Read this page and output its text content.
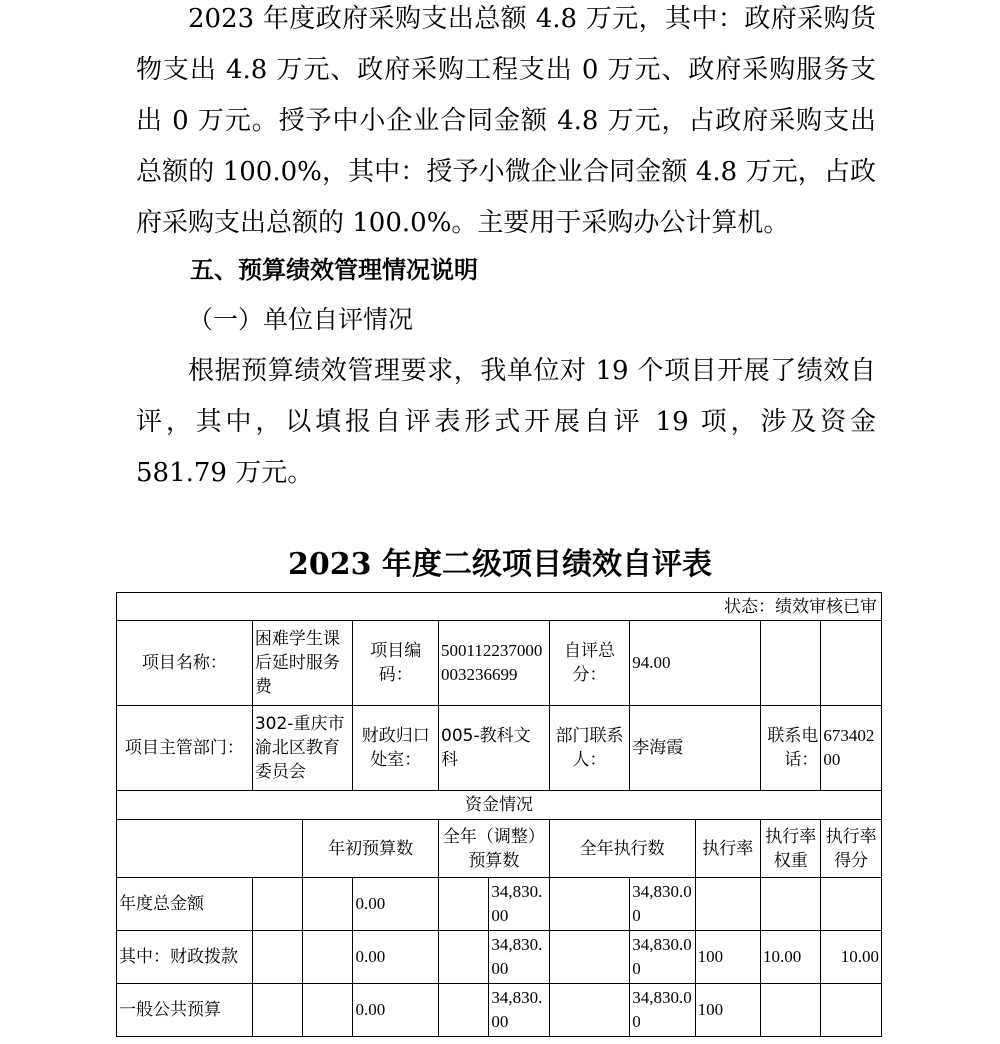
2023 年度政府采购支出总额 4.8 万元，其中：政府采购货物支出 4.8 万元、政府采购工程支出 0 万元、政府采购服务支出 0 万元。授予中小企业合同金额 4.8 万元，占政府采购支出总额的 100.0%，其中：授予小微企业合同金额 4.8 万元，占政府采购支出总额的 100.0%。主要用于采购办公计算机。

五、预算绩效管理情况说明

（一）单位自评情况

根据预算绩效管理要求，我单位对 19 个项目开展了绩效自评，其中，以填报自评表形式开展自评 19 项，涉及资金 581.79 万元。

2023 年度二级项目绩效自评表

状态：绩效审核已审										
项目名称：	困难学生课后延时服务费		项目编码：	500112237000003236699		自评总分：	94.00			
项目主管部门：	302-重庆市渝北区教育委员会		财政归口处室：	005-教科文科		部门联系人：	李海霞		联系电话：	67340200
资金情况										
		年初预算数		全年（调整）预算数		全年执行数		执行率	执行率权重	执行率得分
年度总金额			0.00		34,830.00		34,830.00			
其中：财政拨款			0.00		34,830.00		34,830.00	100	10.00	10.00
一般公共预算			0.00		34,830.00		34,830.00	100		
